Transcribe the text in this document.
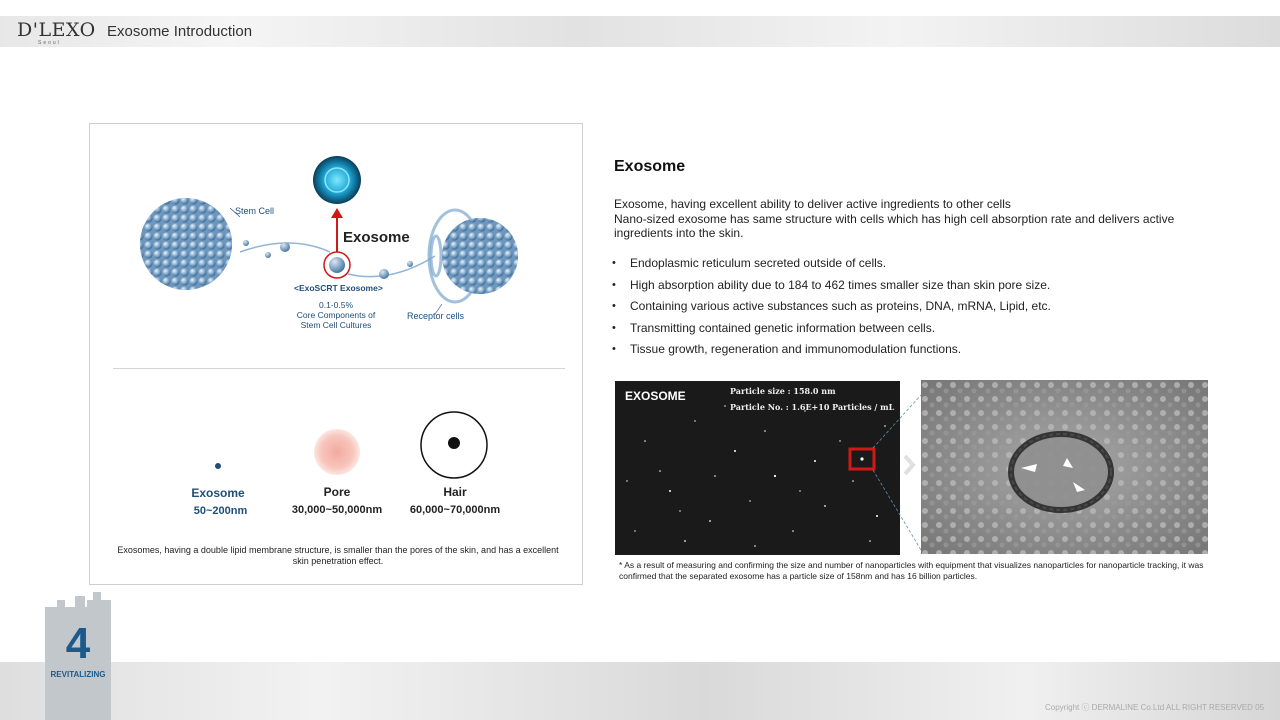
D'LEXO
Seoul
Exosome Introduction
Stem Cell
Exosome
<ExoSCRT Exosome>
0.1-0.5%
Core Components of
Stem Cell Cultures
Receptor cells
Exosome
50~200nm
Pore
30,000~50,000nm
Hair
60,000~70,000nm
Exosomes, having a double lipid membrane structure, is smaller than the pores of the skin, and has a excellent skin penetration effect.
Exosome
Exosome, having excellent ability to deliver active ingredients to other cells
Nano-sized exosome has same structure with cells which has high cell absorption rate and delivers active ingredients into the skin.
• Endoplasmic reticulum secreted outside of cells.
• High absorption ability due to 184 to 462 times smaller size than skin pore size.
• Containing various active substances such as proteins, DNA, mRNA, Lipid, etc.
• Transmitting contained genetic information between cells.
• Tissue growth, regeneration and immunomodulation functions.
EXOSOME	Particle size : 158.0 nm
Particle No. : 1.6E+10 Particles / mL
* As a result of measuring and confirming the size and number of nanoparticles with equipment that visualizes nanoparticles for nanoparticle tracking, it was confirmed that the separated exosome has a particle size of 158nm and has 16 billion particles.
4
REVITALIZING
Copyright ⓒ DERMALINE Co.Ltd ALL RIGHT RESERVED 05
